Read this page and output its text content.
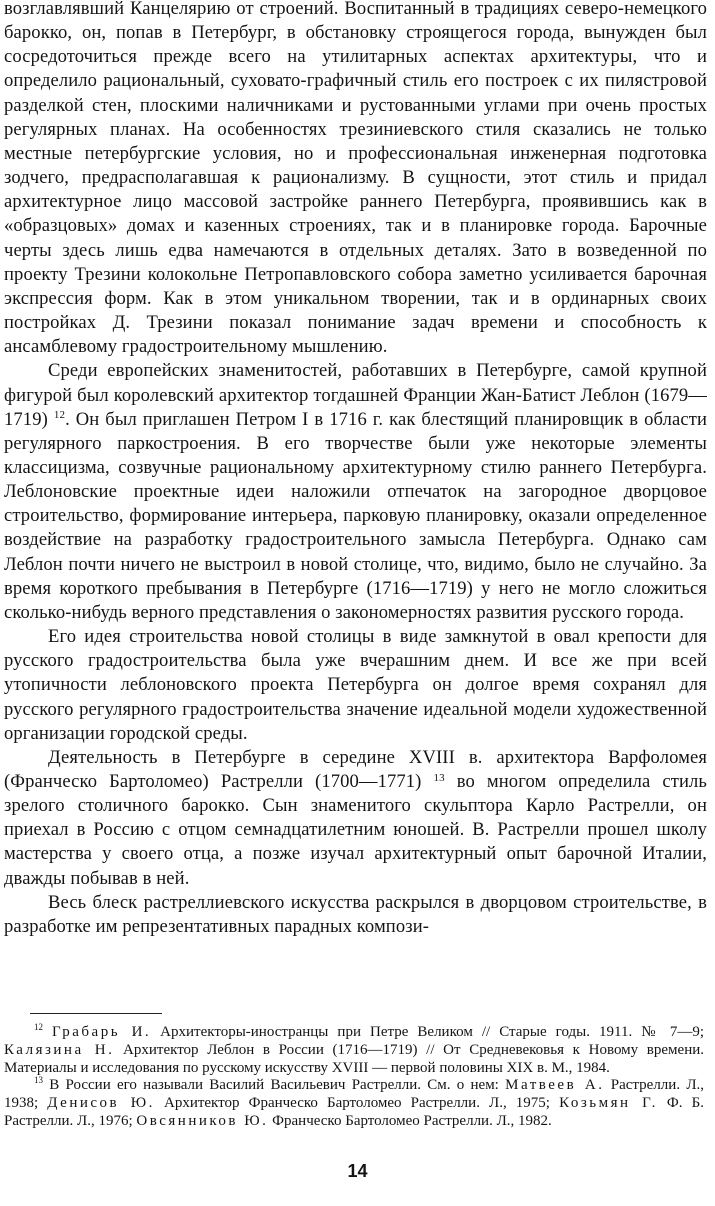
возглавлявший Канцелярию от строений. Воспитанный в традициях северо-немецкого барокко, он, попав в Петербург, в обстановку строящегося города, вынужден был сосредоточиться прежде всего на утилитарных аспектах архитектуры, что и определило рациональный, суховато-графичный стиль его построек с их пилястровой разделкой стен, плоскими наличниками и рустованными углами при очень простых регулярных планах. На особенностях трезиниевского стиля сказались не только местные петербургские условия, но и профессиональная инженерная подготовка зодчего, предрасполагавшая к рационализму. В сущности, этот стиль и придал архитектурное лицо массовой застройке раннего Петербурга, проявившись как в «образцовых» домах и казенных строениях, так и в планировке города. Барочные черты здесь лишь едва намечаются в отдельных деталях. Зато в возведенной по проекту Трезини колокольне Петропавловского собора заметно усиливается барочная экспрессия форм. Как в этом уникальном творении, так и в ординарных своих постройках Д. Трезини показал понимание задач времени и способность к ансамблевому градостроительному мышлению.

Среди европейских знаменитостей, работавших в Петербурге, самой крупной фигурой был королевский архитектор тогдашней Франции Жан-Батист Леблон (1679—1719) $^{12}$. Он был приглашен Петром I в 1716 г. как блестящий планировщик в области регулярного паркостроения. В его творчестве были уже некоторые элементы классицизма, созвучные рациональному архитектурному стилю раннего Петербурга. Леблоновские проектные идеи наложили отпечаток на загородное дворцовое строительство, формирование интерьера, парковую планировку, оказали определенное воздействие на разработку градостроительного замысла Петербурга. Однако сам Леблон почти ничего не выстроил в новой столице, что, видимо, было не случайно. За время короткого пребывания в Петербурге (1716—1719) у него не могло сложиться сколько-нибудь верного представления о закономерностях развития русского города.

Его идея строительства новой столицы в виде замкнутой в овал крепости для русского градостроительства была уже вчерашним днем. И все же при всей утопичности леблоновского проекта Петербурга он долгое время сохранял для русского регулярного градостроительства значение идеальной модели художественной организации городской среды.

Деятельность в Петербурге в середине XVIII в. архитектора Варфоломея (Франческо Бартоломео) Растрелли (1700—1771) $^{13}$ во многом определила стиль зрелого столичного барокко. Сын знаменитого скульптора Карло Растрелли, он приехал в Россию с отцом семнадцатилетним юношей. В. Растрелли прошел школу мастерства у своего отца, а позже изучал архитектурный опыт барочной Италии, дважды побывав в ней.

Весь блеск растреллиевского искусства раскрылся в дворцовом строительстве, в разработке им репрезентативных парадных компози-

$^{12}$ Грабарь И. Архитекторы-иностранцы при Петре Великом // Старые годы. 1911. № 7—9; Калязина Н. Архитектор Леблон в России (1716—1719) // От Средневековья к Новому времени. Материалы и исследования по русскому искусству XVIII — первой половины XIX в. М., 1984.

$^{13}$ В России его называли Василий Васильевич Растрелли. См. о нем: Матвеев А. Растрелли. Л., 1938; Денисов Ю. Архитектор Франческо Бартоломео Растрелли. Л., 1975; Козьмян Г. Ф. Б. Растрелли. Л., 1976; Овсянников Ю. Франческо Бартоломео Растрелли. Л., 1982.

14
